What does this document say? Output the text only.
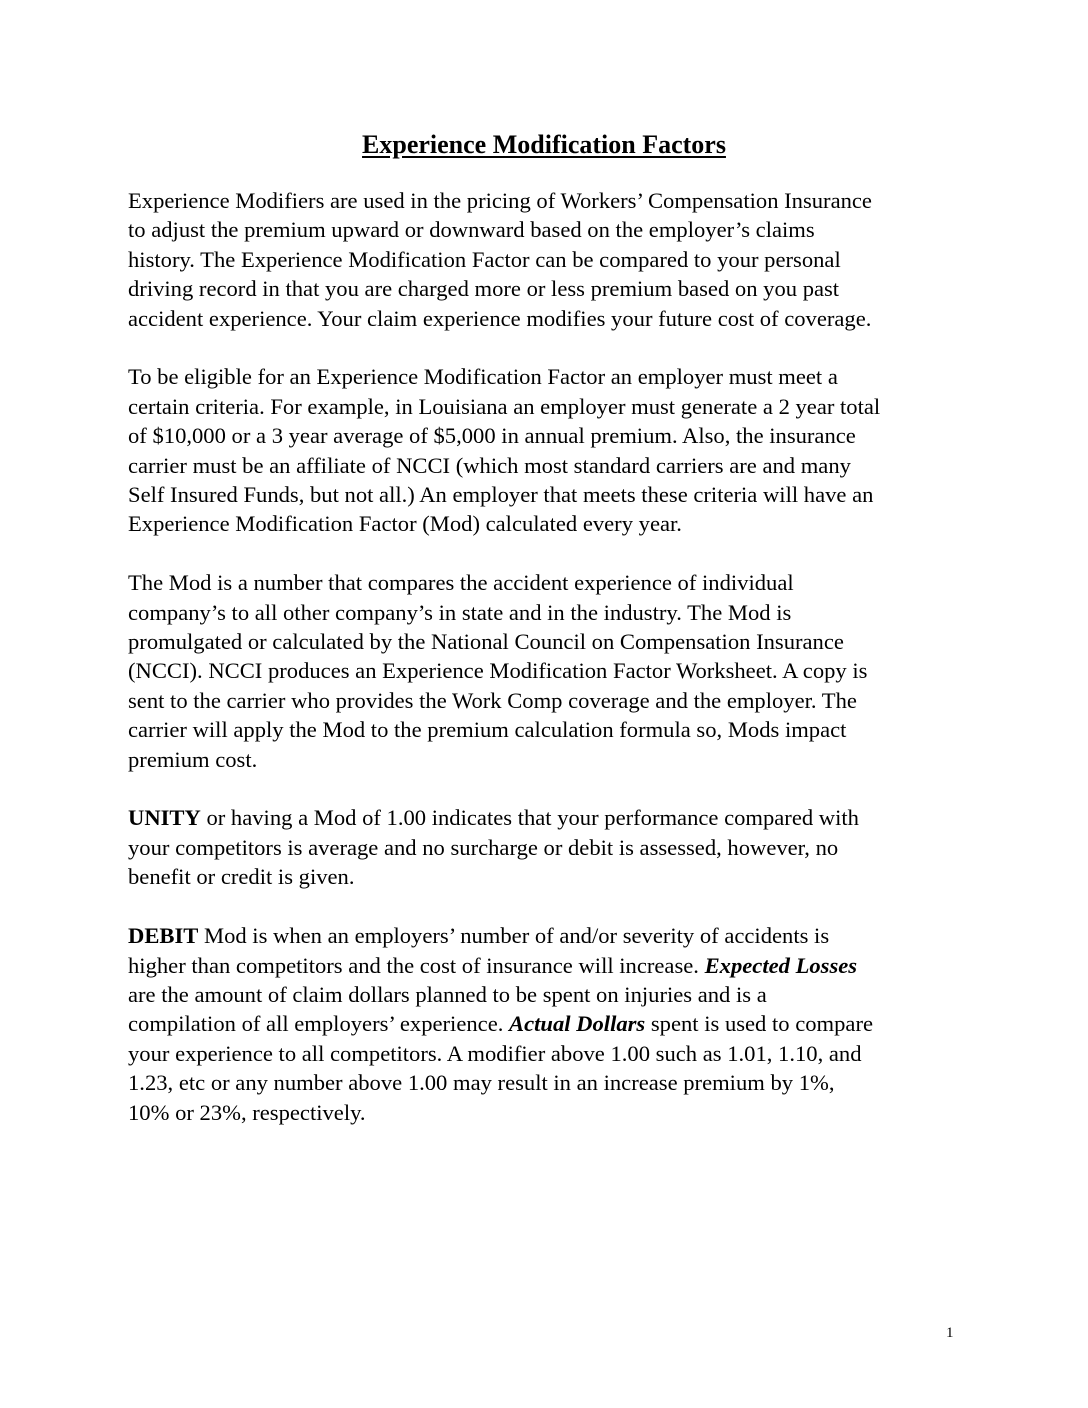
Experience Modification Factors

Experience Modifiers are used in the pricing of Workers’ Compensation Insurance
to adjust the premium upward or downward based on the employer’s claims
history. The Experience Modification Factor can be compared to your personal
driving record in that you are charged more or less premium based on you past
accident experience. Your claim experience modifies your future cost of coverage.

To be eligible for an Experience Modification Factor an employer must meet a
certain criteria. For example, in Louisiana an employer must generate a 2 year total
of $10,000 or a 3 year average of $5,000 in annual premium. Also, the insurance
carrier must be an affiliate of NCCI (which most standard carriers are and many
Self Insured Funds, but not all.) An employer that meets these criteria will have an
Experience Modification Factor (Mod) calculated every year.

The Mod is a number that compares the accident experience of individual
company’s to all other company’s in state and in the industry. The Mod is
promulgated or calculated by the National Council on Compensation Insurance
(NCCI). NCCI produces an Experience Modification Factor Worksheet. A copy is
sent to the carrier who provides the Work Comp coverage and the employer. The
carrier will apply the Mod to the premium calculation formula so, Mods impact
premium cost.

UNITY or having a Mod of 1.00 indicates that your performance compared with
your competitors is average and no surcharge or debit is assessed, however, no
benefit or credit is given.

DEBIT Mod is when an employers’ number of and/or severity of accidents is
higher than competitors and the cost of insurance will increase. Expected Losses
are the amount of claim dollars planned to be spent on injuries and is a
compilation of all employers’ experience. Actual Dollars spent is used to compare
your experience to all competitors. A modifier above 1.00 such as 1.01, 1.10, and
1.23, etc or any number above 1.00 may result in an increase premium by 1%,
10% or 23%, respectively.

1
